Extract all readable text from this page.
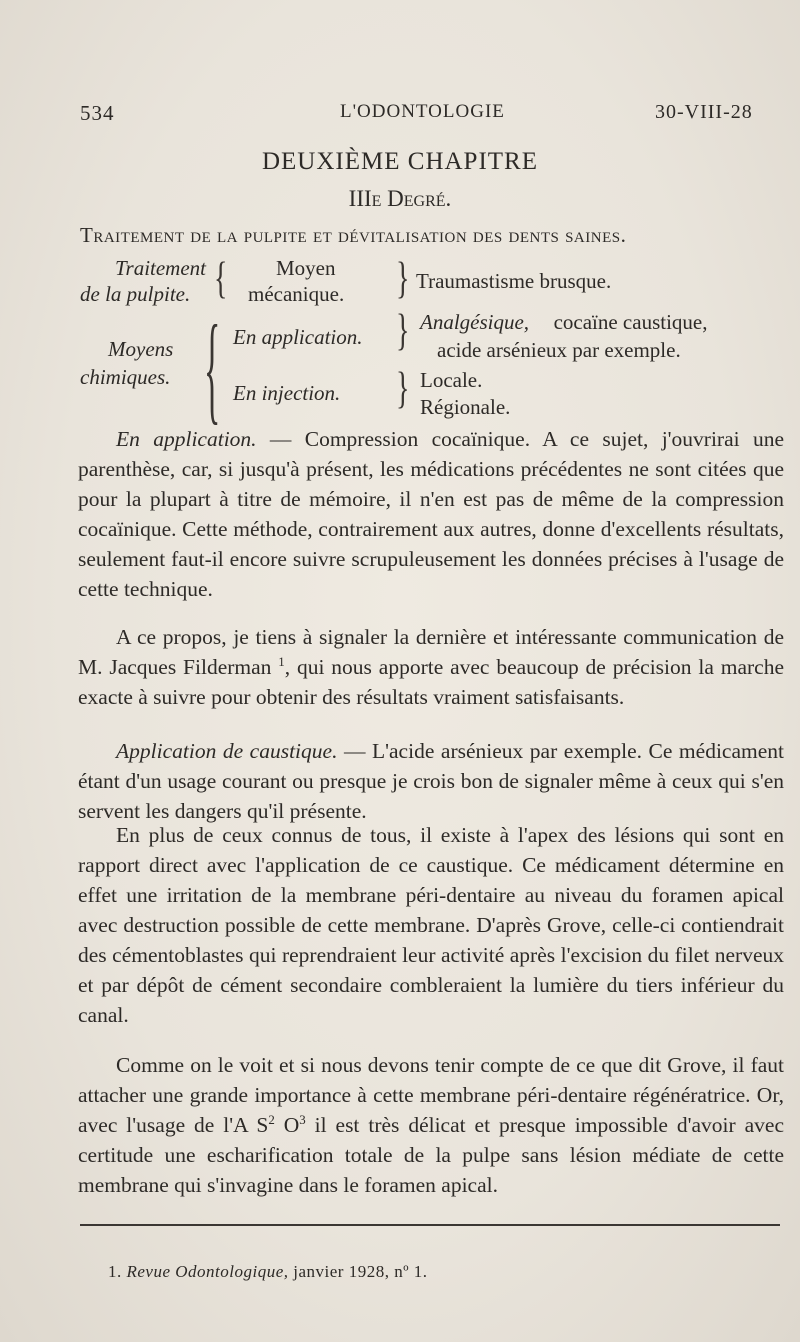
534	L'ODONTOLOGIE	30-VIII-28
DEUXIÈME CHAPITRE
IIIe Degré.
Traitement de la pulpite et dévitalisation des dents saines.
Traitement
de la pulpite. { Moyen
mécanique. } Traumastisme brusque.
Moyens
chimiques. { En application. } Analgésique, cocaïne caustique,
acide arsénieux par exemple.
En injection. } Locale.
Régionale.
En application. — Compression cocaïnique. A ce sujet, j'ouvrirai une parenthèse, car, si jusqu'à présent, les médications précédentes ne sont citées que pour la plupart à titre de mémoire, il n'en est pas de même de la compression cocaïnique. Cette méthode, contrairement aux autres, donne d'excellents résultats, seulement faut-il encore suivre scrupuleusement les données précises à l'usage de cette technique.
A ce propos, je tiens à signaler la dernière et intéressante communication de M. Jacques Filderman $^1$, qui nous apporte avec beaucoup de précision la marche exacte à suivre pour obtenir des résultats vraiment satisfaisants.
Application de caustique. — L'acide arsénieux par exemple. Ce médicament étant d'un usage courant ou presque je crois bon de signaler même à ceux qui s'en servent les dangers qu'il présente.
En plus de ceux connus de tous, il existe à l'apex des lésions qui sont en rapport direct avec l'application de ce caustique. Ce médicament détermine en effet une irritation de la membrane péri-dentaire au niveau du foramen apical avec destruction possible de cette membrane. D'après Grove, celle-ci contiendrait des cémentoblastes qui reprendraient leur activité après l'excision du filet nerveux et par dépôt de cément secondaire combleraient la lumière du tiers inférieur du canal.
Comme on le voit et si nous devons tenir compte de ce que dit Grove, il faut attacher une grande importance à cette membrane péri-dentaire régénératrice. Or, avec l'usage de l'A $S^2$ $O^3$ il est très délicat et presque impossible d'avoir avec certitude une escharification totale de la pulpe sans lésion médiate de cette membrane qui s'invagine dans le foramen apical.
1. Revue Odontologique, janvier 1928, nº 1.
